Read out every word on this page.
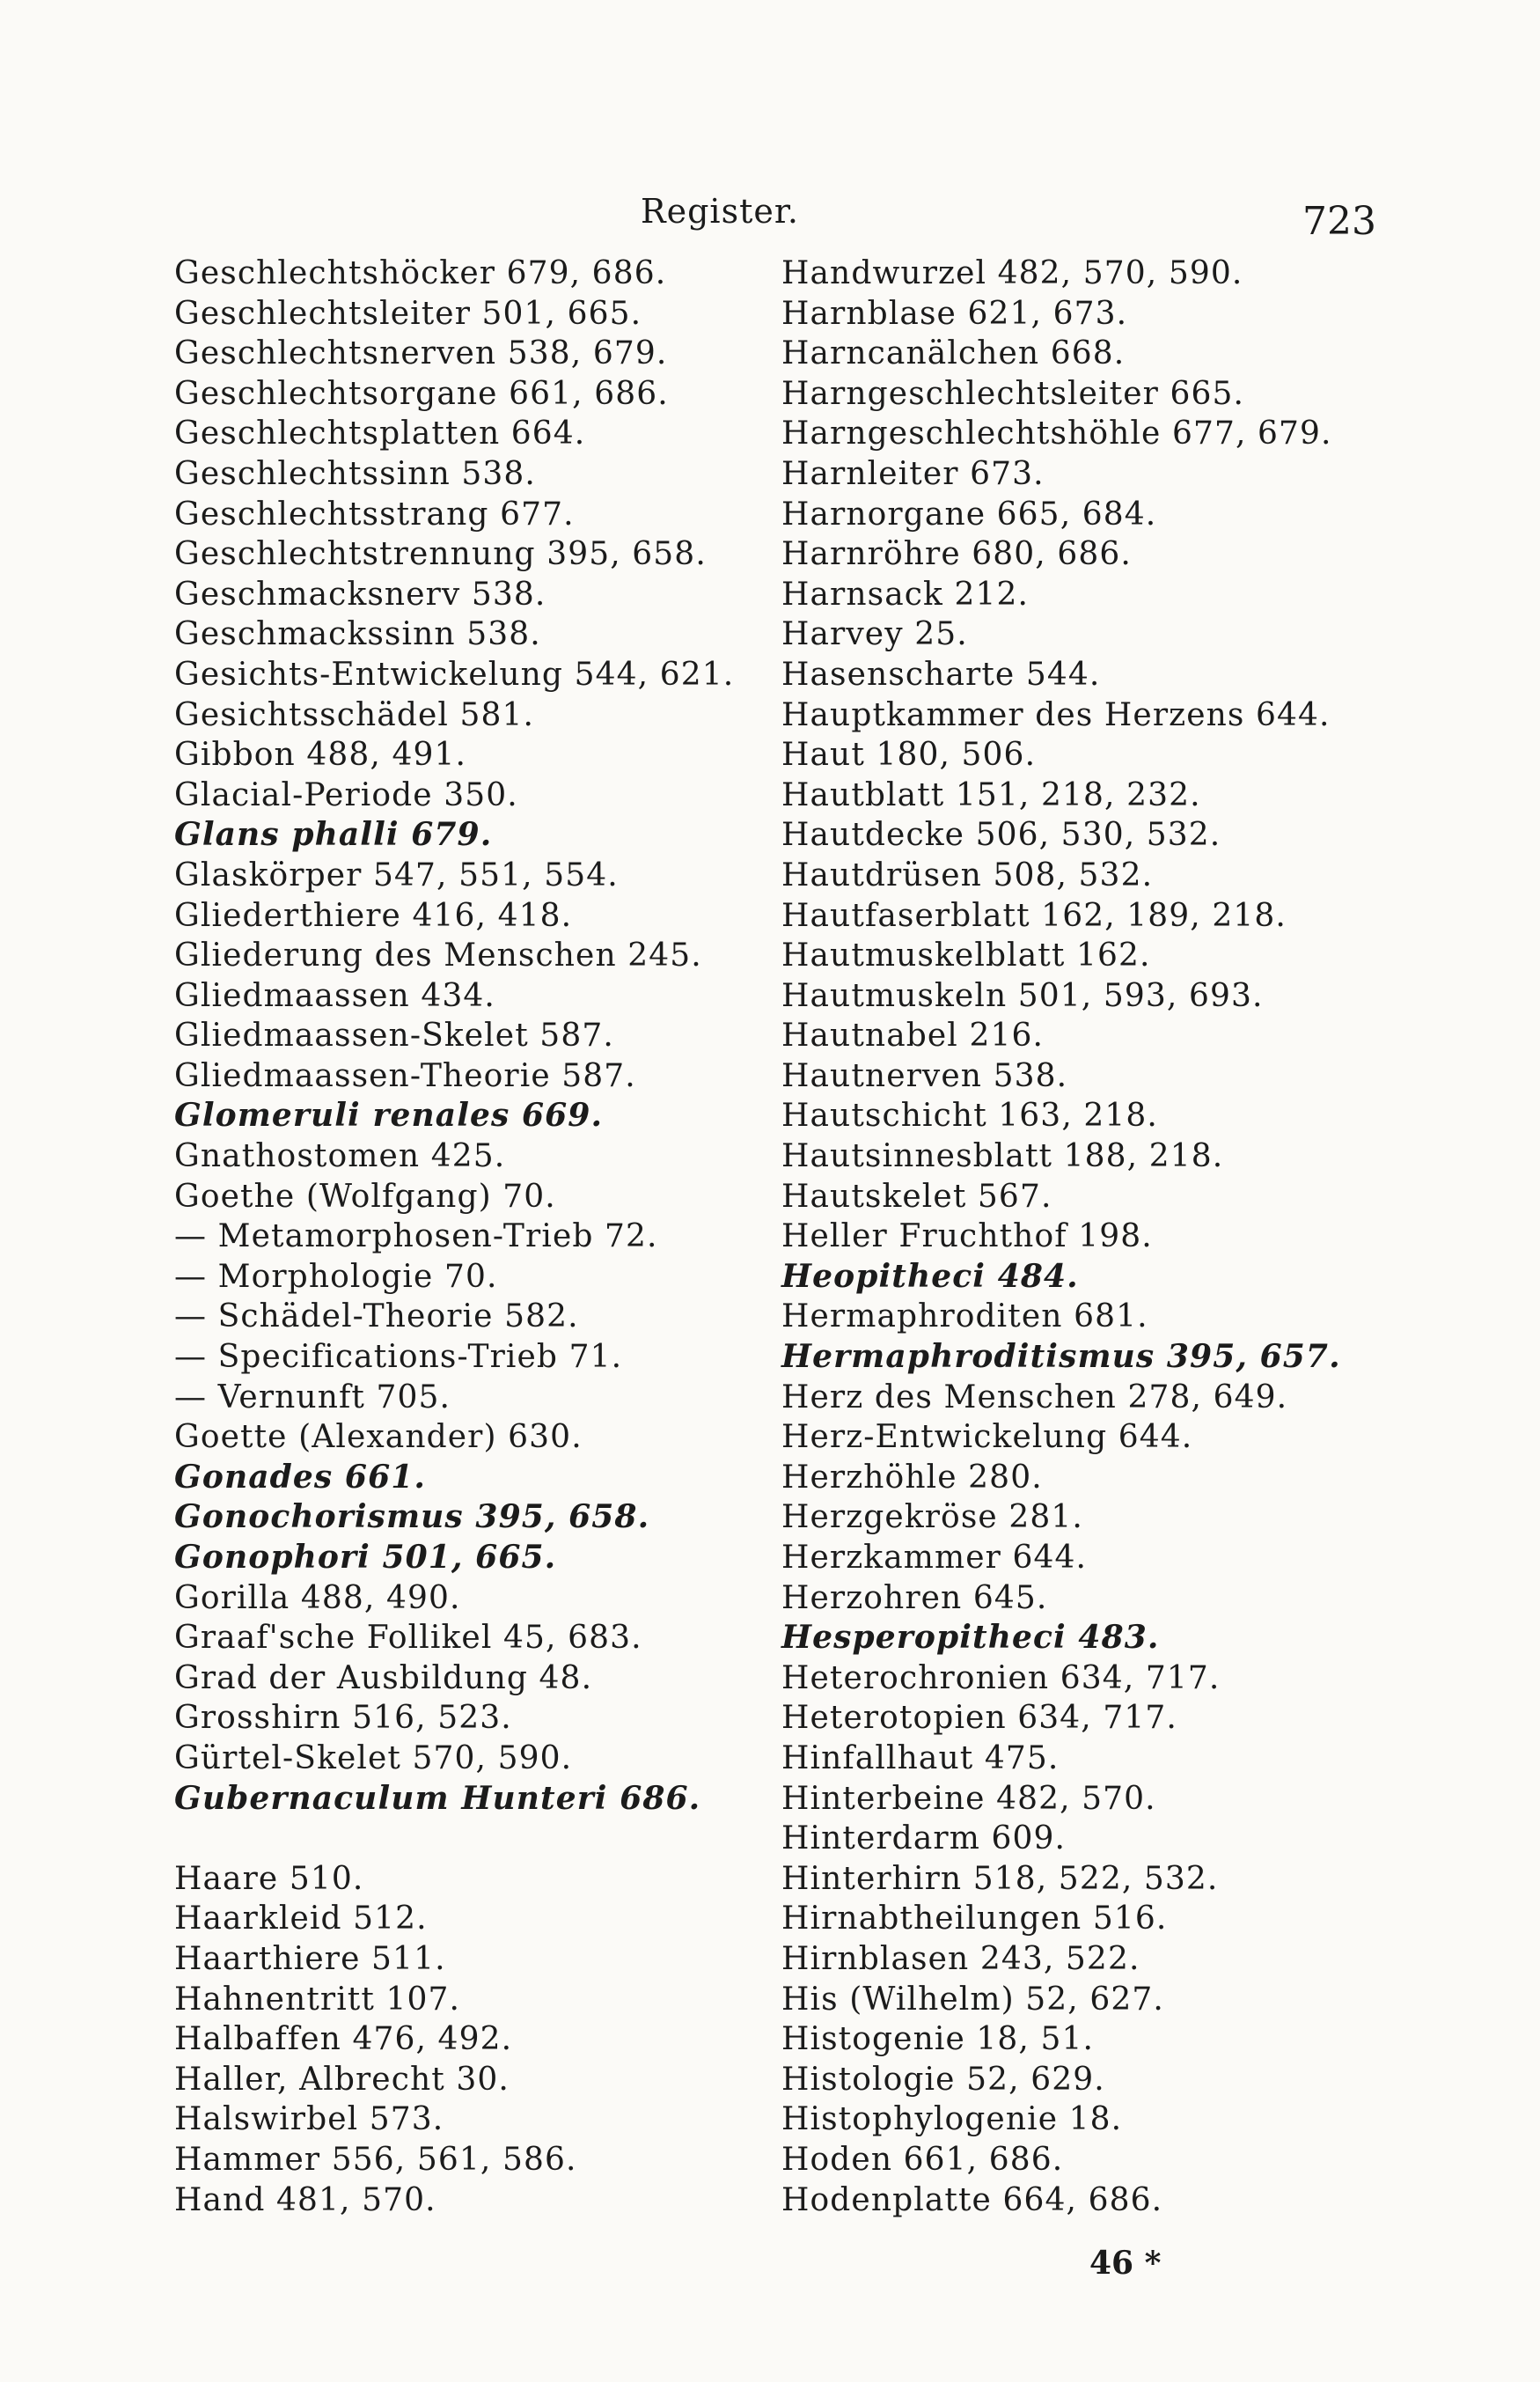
Register.	723
Geschlechtshöcker 679, 686.
Geschlechtsleiter 501, 665.
Geschlechtsnerven 538, 679.
Geschlechtsorgane 661, 686.
Geschlechtsplatten 664.
Geschlechtssinn 538.
Geschlechtsstrang 677.
Geschlechtstrennung 395, 658.
Geschmacksnerv 538.
Geschmackssinn 538.
Gesichts-Entwickelung 544, 621.
Gesichtsschädel 581.
Gibbon 488, 491.
Glacial-Periode 350.
Glans phalli 679.
Glaskörper 547, 551, 554.
Gliederthiere 416, 418.
Gliederung des Menschen 245.
Gliedmaassen 434.
Gliedmaassen-Skelet 587.
Gliedmaassen-Theorie 587.
Glomeruli renales 669.
Gnathostomen 425.
Goethe (Wolfgang) 70.
— Metamorphosen-Trieb 72.
— Morphologie 70.
— Schädel-Theorie 582.
— Specifications-Trieb 71.
— Vernunft 705.
Goette (Alexander) 630.
Gonades 661.
Gonochorismus 395, 658.
Gonophori 501, 665.
Gorilla 488, 490.
Graaf'sche Follikel 45, 683.
Grad der Ausbildung 48.
Grosshirn 516, 523.
Gürtel-Skelet 570, 590.
Gubernaculum Hunteri 686.
Haare 510.
Haarkleid 512.
Haarthiere 511.
Hahnentritt 107.
Halbaffen 476, 492.
Haller, Albrecht 30.
Halswirbel 573.
Hammer 556, 561, 586.
Hand 481, 570.
Handwurzel 482, 570, 590.
Harnblase 621, 673.
Harncanälchen 668.
Harngeschlechtsleiter 665.
Harngeschlechtshöhle 677, 679.
Harnleiter 673.
Harnorgane 665, 684.
Harnröhre 680, 686.
Harnsack 212.
Harvey 25.
Hasenscharte 544.
Hauptkammer des Herzens 644.
Haut 180, 506.
Hautblatt 151, 218, 232.
Hautdecke 506, 530, 532.
Hautdrüsen 508, 532.
Hautfaserblatt 162, 189, 218.
Hautmuskelblatt 162.
Hautmuskeln 501, 593, 693.
Hautnabel 216.
Hautnerven 538.
Hautschicht 163, 218.
Hautsinnesblatt 188, 218.
Hautskelet 567.
Heller Fruchthof 198.
Heopitheci 484.
Hermaphroditen 681.
Hermaphroditismus 395, 657.
Herz des Menschen 278, 649.
Herz-Entwickelung 644.
Herzhöhle 280.
Herzgekröse 281.
Herzkammer 644.
Herzohren 645.
Hesperopitheci 483.
Heterochronien 634, 717.
Heterotopien 634, 717.
Hinfallhaut 475.
Hinterbeine 482, 570.
Hinterdarm 609.
Hinterhirn 518, 522, 532.
Hirnabtheilungen 516.
Hirnblasen 243, 522.
His (Wilhelm) 52, 627.
Histogenie 18, 51.
Histologie 52, 629.
Histophylogenie 18.
Hoden 661, 686.
Hodenplatte 664, 686.
46 *
